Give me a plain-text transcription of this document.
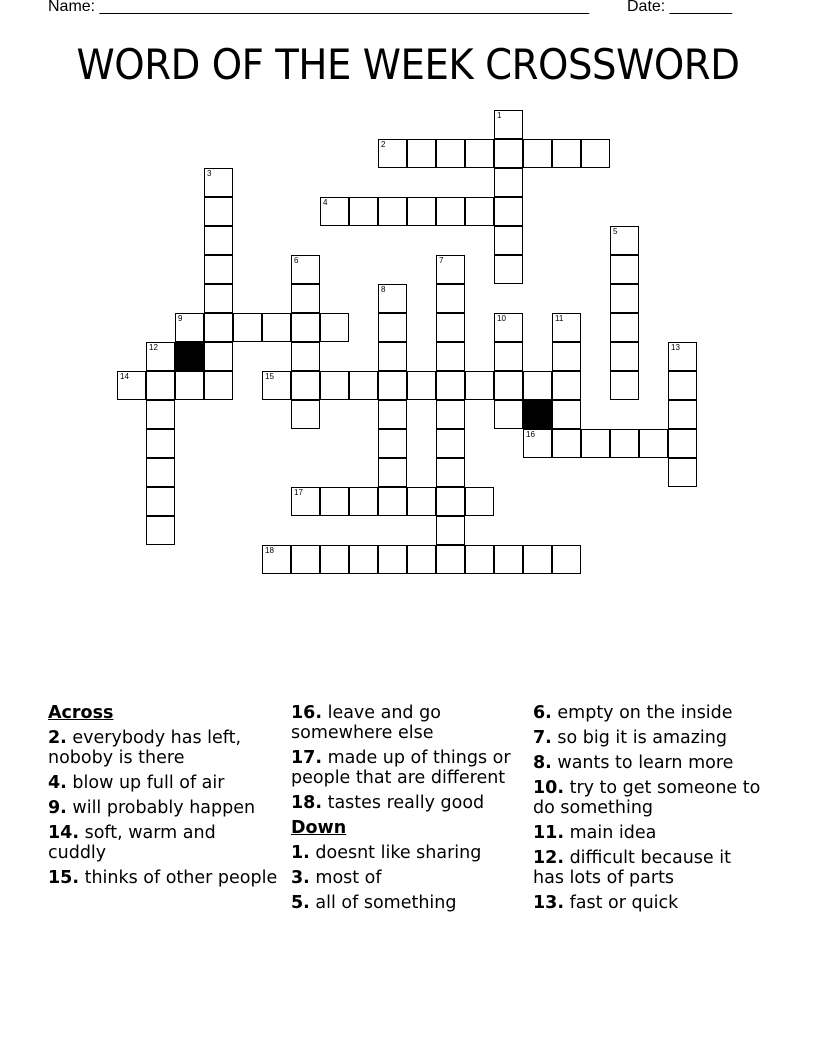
Name: _______________________________________________________ Date: _______
WORD OF THE WEEK CROSSWORD
1
2
3
4
5
6	7
8
9	10	11
12	13
14	15
16
17
18
Across
2. everybody has left, noboby is there
4. blow up full of air
9. will probably happen
14. soft, warm and cuddly
15. thinks of other people
16. leave and go somewhere else
17. made up of things or people that are different
18. tastes really good
Down
1. doesnt like sharing
3. most of
5. all of something
6. empty on the inside
7. so big it is amazing
8. wants to learn more
10. try to get someone to do something
11. main idea
12. difficult because it has lots of parts
13. fast or quick
